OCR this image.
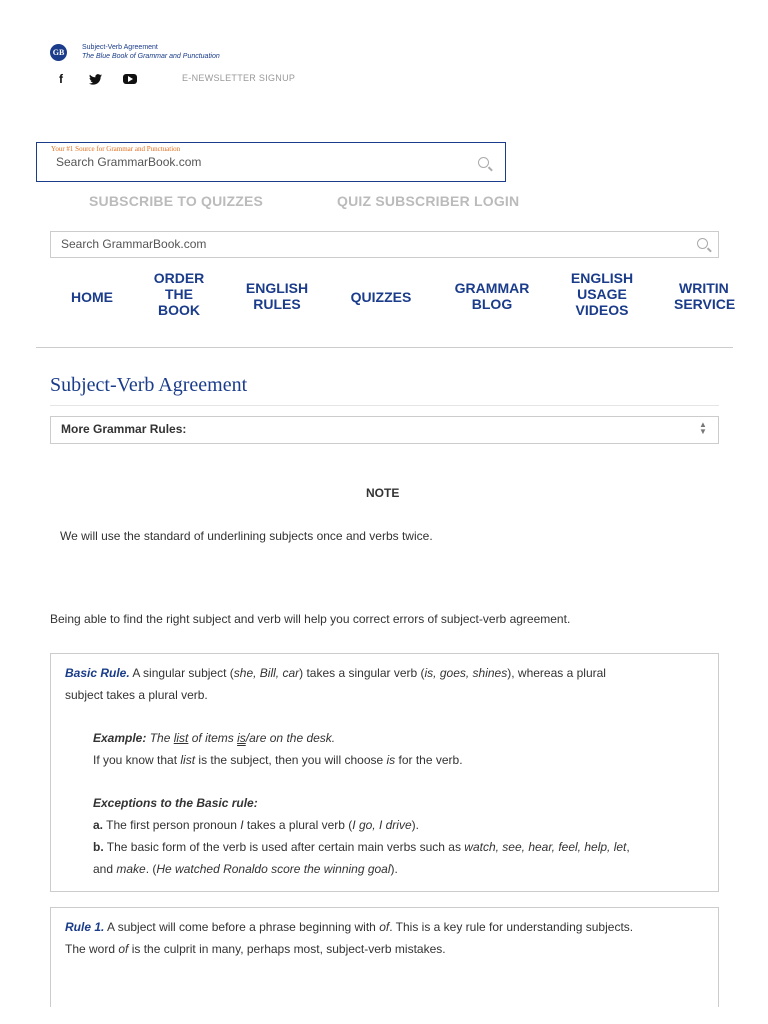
GB
Subject-Verb Agreement
The Blue Book of Grammar and Punctuation
f	E-NEWSLETTER SIGNUP
Your #1 Source for Grammar and Punctuation
Search GrammarBook.com
SUBSCRIBE TO QUIZZES	QUIZ SUBSCRIBER LOGIN
Search GrammarBook.com
HOME
ORDER
THE
BOOK
ENGLISH
RULES	QUIZZES
GRAMMAR
BLOG
ENGLISH
USAGE
VIDEOS
WRITIN
SERVICE
Subject-Verb Agreement
More Grammar Rules:	▲
▼
NOTE
We will use the standard of underlining subjects once and verbs twice.
Being able to find the right subject and verb will help you correct errors of subject-verb agreement.
Basic Rule. A singular subject (she, Bill, car) takes a singular verb (is, goes, shines), whereas a plural
subject takes a plural verb.
Example: The list of items is/are on the desk.
If you know that list is the subject, then you will choose is for the verb.
Exceptions to the Basic rule:
a. The first person pronoun I takes a plural verb (I go, I drive).
b. The basic form of the verb is used after certain main verbs such as watch, see, hear, feel, help, let,
and make. (He watched Ronaldo score the winning goal).
Rule 1. A subject will come before a phrase beginning with of. This is a key rule for understanding subjects.
The word of is the culprit in many, perhaps most, subject-verb mistakes.
